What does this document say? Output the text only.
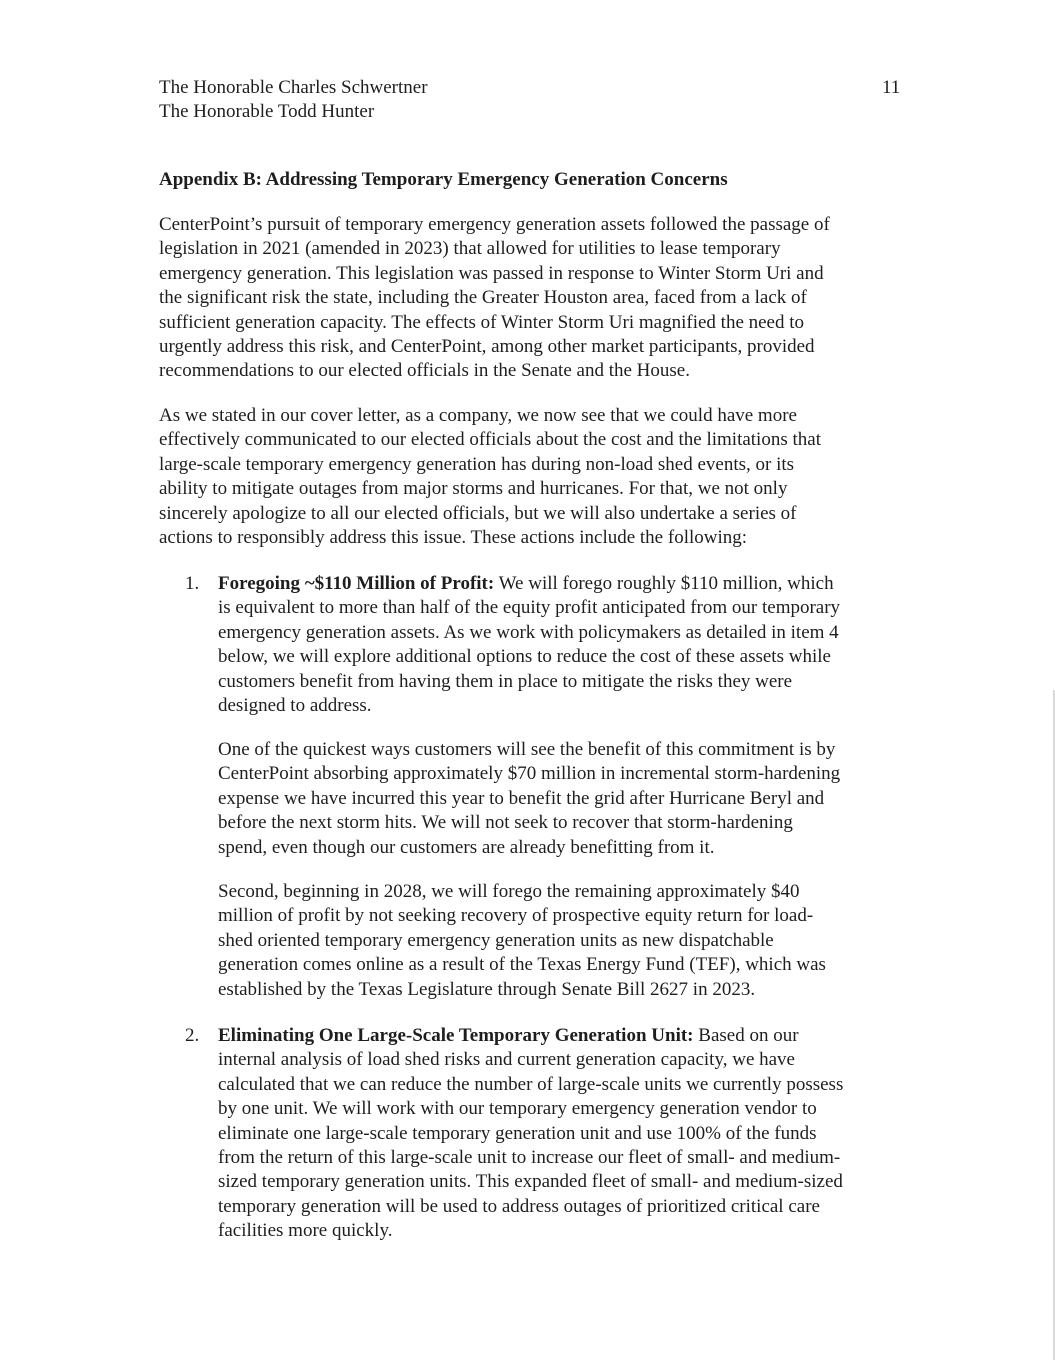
The Honorable Charles Schwertner
The Honorable Todd Hunter
11
Appendix B: Addressing Temporary Emergency Generation Concerns

CenterPoint’s pursuit of temporary emergency generation assets followed the passage of
legislation in 2021 (amended in 2023) that allowed for utilities to lease temporary
emergency generation. This legislation was passed in response to Winter Storm Uri and
the significant risk the state, including the Greater Houston area, faced from a lack of
sufficient generation capacity. The effects of Winter Storm Uri magnified the need to
urgently address this risk, and CenterPoint, among other market participants, provided
recommendations to our elected officials in the Senate and the House.

As we stated in our cover letter, as a company, we now see that we could have more
effectively communicated to our elected officials about the cost and the limitations that
large-scale temporary emergency generation has during non-load shed events, or its
ability to mitigate outages from major storms and hurricanes. For that, we not only
sincerely apologize to all our elected officials, but we will also undertake a series of
actions to responsibly address this issue. These actions include the following:

1. Foregoing ~$110 Million of Profit: We will forego roughly $110 million, which
is equivalent to more than half of the equity profit anticipated from our temporary
emergency generation assets. As we work with policymakers as detailed in item 4
below, we will explore additional options to reduce the cost of these assets while
customers benefit from having them in place to mitigate the risks they were
designed to address.

One of the quickest ways customers will see the benefit of this commitment is by
CenterPoint absorbing approximately $70 million in incremental storm-hardening
expense we have incurred this year to benefit the grid after Hurricane Beryl and
before the next storm hits. We will not seek to recover that storm-hardening
spend, even though our customers are already benefitting from it.

Second, beginning in 2028, we will forego the remaining approximately $40
million of profit by not seeking recovery of prospective equity return for load-
shed oriented temporary emergency generation units as new dispatchable
generation comes online as a result of the Texas Energy Fund (TEF), which was
established by the Texas Legislature through Senate Bill 2627 in 2023.

2. Eliminating One Large-Scale Temporary Generation Unit: Based on our
internal analysis of load shed risks and current generation capacity, we have
calculated that we can reduce the number of large-scale units we currently possess
by one unit. We will work with our temporary emergency generation vendor to
eliminate one large-scale temporary generation unit and use 100% of the funds
from the return of this large-scale unit to increase our fleet of small- and medium-
sized temporary generation units. This expanded fleet of small- and medium-sized
temporary generation will be used to address outages of prioritized critical care
facilities more quickly.
